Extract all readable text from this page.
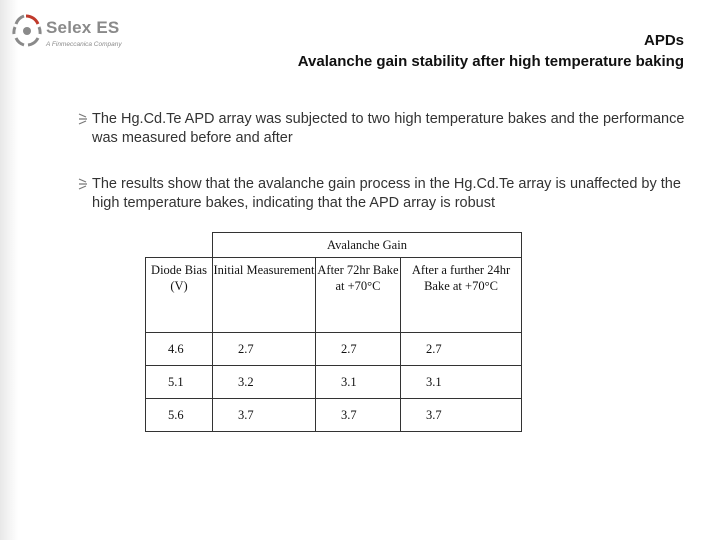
Selex ES
A Finmeccanica Company	APDs
Avalanche gain stability after high temperature baking
The Hg.Cd.Te APD array was subjected to two high temperature bakes and the performance was measured before and after
The results show that the avalanche gain process in the Hg.Cd.Te array is unaffected by the high temperature bakes, indicating that the APD array is robust
	Avalanche Gain		
Diode Bias (V)	Initial Measurement	After 72hr Bake at +70°C	After a further 24hr Bake at +70°C
4.6	2.7	2.7	2.7
5.1	3.2	3.1	3.1
5.6	3.7	3.7	3.7
